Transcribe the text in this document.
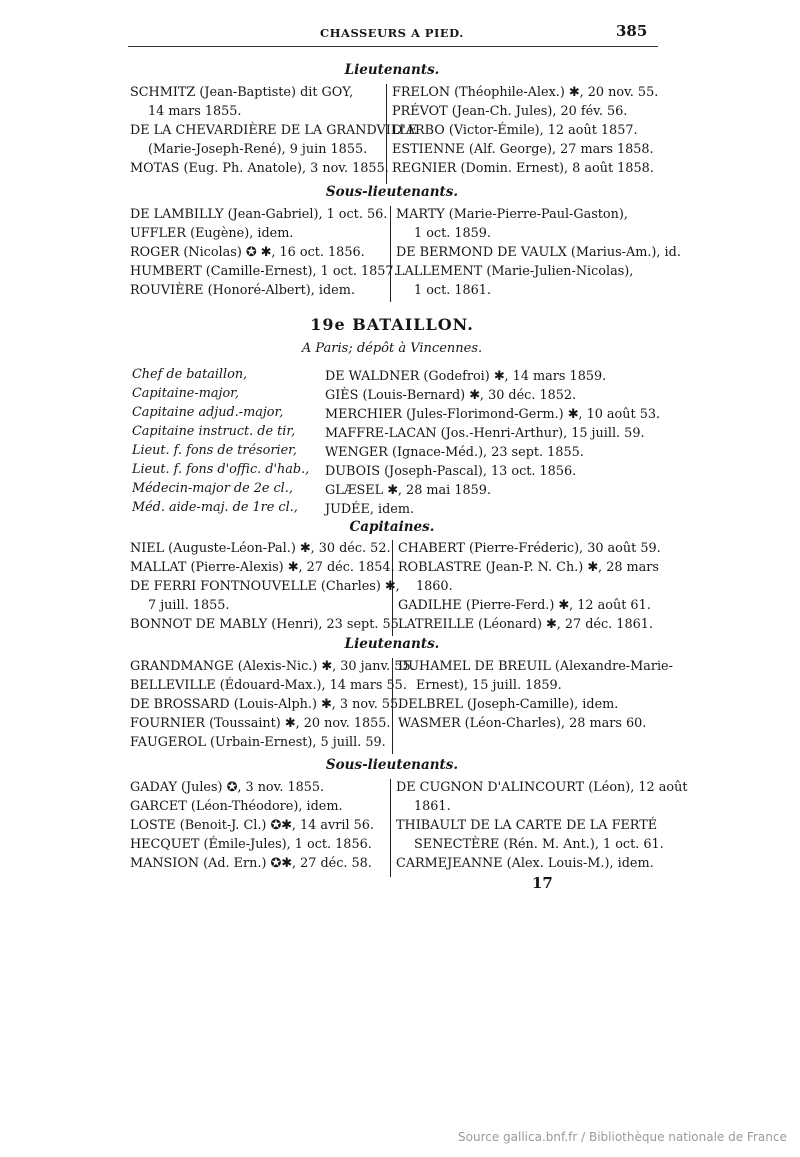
CHASSEURS A PIED.	385
Lieutenants.
SCHMITZ (Jean-Baptiste) dit GOY,
14 mars 1855.
DE LA CHEVARDIÈRE DE LA GRANDVILLE
(Marie-Joseph-René), 9 juin 1855.
MOTAS (Eug. Ph. Anatole), 3 nov. 1855.
FRELON (Théophile-Alex.) ✱, 20 nov. 55.
PRÉVOT (Jean-Ch. Jules), 20 fév. 56.
D'ARBO (Victor-Émile), 12 août 1857.
ESTIENNE (Alf. George), 27 mars 1858.
REGNIER (Domin. Ernest), 8 août 1858.
Sous-lieutenants.
DE LAMBILLY (Jean-Gabriel), 1 oct. 56.
UFFLER (Eugène), idem.
ROGER (Nicolas) ✪ ✱, 16 oct. 1856.
HUMBERT (Camille-Ernest), 1 oct. 1857.
ROUVIÈRE (Honoré-Albert), idem.
MARTY (Marie-Pierre-Paul-Gaston),
1 oct. 1859.
DE BERMOND DE VAULX (Marius-Am.), id.
LALLEMENT (Marie-Julien-Nicolas),
1 oct. 1861.
19e BATAILLON.
A Paris; dépôt à Vincennes.
Chef de bataillon,	DE WALDNER (Godefroi) ✱, 14 mars 1859.
Capitaine-major,	GIÈS (Louis-Bernard) ✱, 30 déc. 1852.
Capitaine adjud.-major,	MERCHIER (Jules-Florimond-Germ.) ✱, 10 août 53.
Capitaine instruct. de tir, MAFFRE-LACAN (Jos.-Henri-Arthur), 15 juill. 59.
Lieut. f. fons de trésorier, WENGER (Ignace-Méd.), 23 sept. 1855.
Lieut. f. fons d'offic. d'hab., DUBOIS (Joseph-Pascal), 13 oct. 1856.
Médecin-major de 2e cl.,	GLÆSEL ✱, 28 mai 1859.
Méd. aide-maj. de 1re cl., JUDÉE, idem.
Capitaines.
NIEL (Auguste-Léon-Pal.) ✱, 30 déc. 52.
MALLAT (Pierre-Alexis) ✱, 27 déc. 1854.
DE FERRI FONTNOUVELLE (Charles) ✱,
7 juill. 1855.
BONNOT DE MABLY (Henri), 23 sept. 55.
CHABERT (Pierre-Fréderic), 30 août 59.
ROBLASTRE (Jean-P. N. Ch.) ✱, 28 mars
1860.
GADILHE (Pierre-Ferd.) ✱, 12 août 61.
LATREILLE (Léonard) ✱, 27 déc. 1861.
Lieutenants.
GRANDMANGE (Alexis-Nic.) ✱, 30 janv. 55.
BELLEVILLE (Édouard-Max.), 14 mars 55.
DE BROSSARD (Louis-Alph.) ✱, 3 nov. 55.
FOURNIER (Toussaint) ✱, 20 nov. 1855.
FAUGEROL (Urbain-Ernest), 5 juill. 59.
DUHAMEL DE BREUIL (Alexandre-Marie-
Ernest), 15 juill. 1859.
DELBREL (Joseph-Camille), idem.
WASMER (Léon-Charles), 28 mars 60.
Sous-lieutenants.
GADAY (Jules) ✪, 3 nov. 1855.
GARCET (Léon-Théodore), idem.
LOSTE (Benoit-J. Cl.) ✪✱, 14 avril 56.
HECQUET (Émile-Jules), 1 oct. 1856.
MANSION (Ad. Ern.) ✪✱, 27 déc. 58.
DE CUGNON D'ALINCOURT (Léon), 12 août
1861.
THIBAULT DE LA CARTE DE LA FERTÉ
SENECTÈRE (Rén. M. Ant.), 1 oct. 61.
CARMEJEANNE (Alex. Louis-M.), idem.
17
Source gallica.bnf.fr / Bibliothèque nationale de France
